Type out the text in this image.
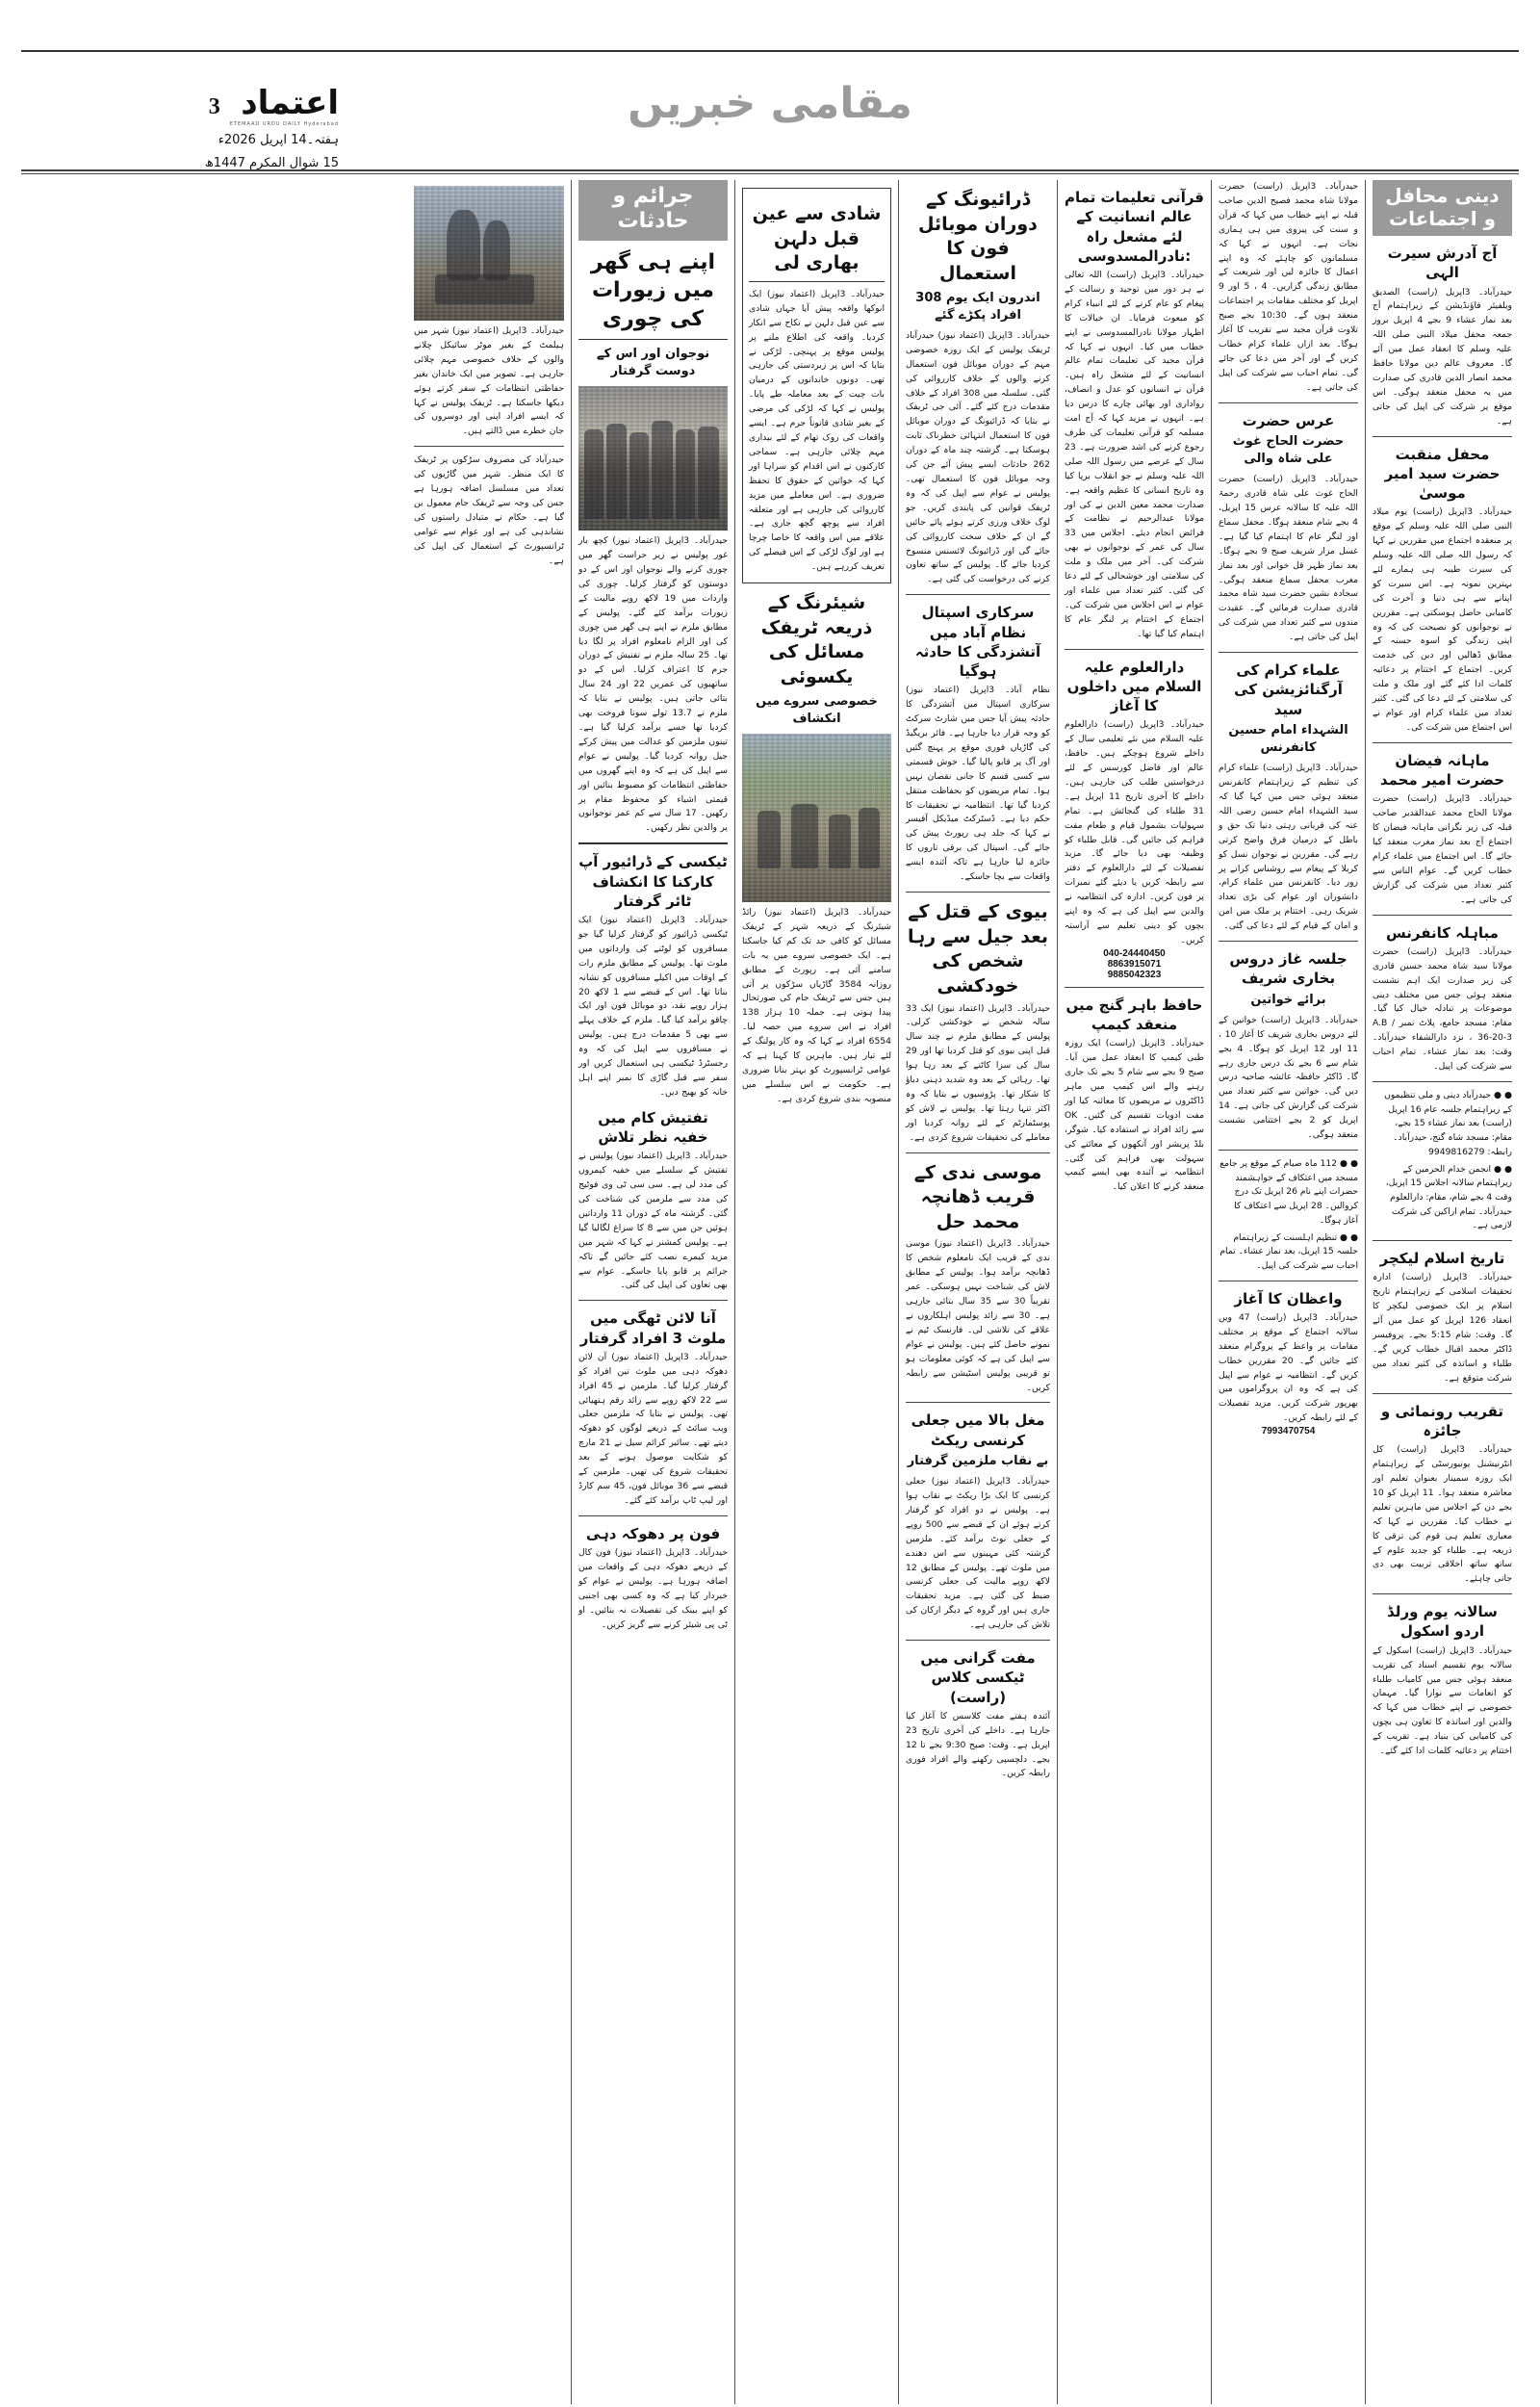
اعتماد
ETEMAAD URDU DAILY Hyderabad
3
ہفتہ۔14 اپریل 2026ء
15 شوال المکرم 1447ھ
مقامی خبریں
دینی محافل و اجتماعات
آج آدرش سیرت الہی
حیدرآباد۔ 3اپریل (راست) الصدیق ویلفیئر فاؤنڈیشن کے زیراہتمام آج بعد نماز عشاء 9 بجے 4 اپریل بروز جمعہ محفل میلاد النبی صلی اللہ علیہ وسلم کا انعقاد عمل میں آئے گا۔ معروف عالم دین مولانا حافظ محمد انصار الدین قادری کی صدارت میں یہ محفل منعقد ہوگی۔ اس موقع پر شرکت کی اپیل کی جاتی ہے۔
محفل منقبت حضرت سید امیر موسیٰ
حیدرآباد۔ 3اپریل (راست) یوم میلاد النبی صلی اللہ علیہ وسلم کے موقع پر منعقدہ اجتماع میں مقررین نے کہا کہ رسول اللہ صلی اللہ علیہ وسلم کی سیرت طیبہ ہی ہمارے لئے بہترین نمونہ ہے۔ اس سیرت کو اپنانے سے ہی دنیا و آخرت کی کامیابی حاصل ہوسکتی ہے۔ مقررین نے نوجوانوں کو نصیحت کی کہ وہ اپنی زندگی کو اسوہ حسنہ کے مطابق ڈھالیں اور دین کی خدمت کریں۔ اجتماع کے اختتام پر دعائیہ کلمات ادا کئے گئے اور ملک و ملت کی سلامتی کے لئے دعا کی گئی۔ کثیر تعداد میں علماء کرام اور عوام نے اس اجتماع میں شرکت کی۔
ماہانہ فیضان حضرت امیر محمد
حیدرآباد۔ 3اپریل (راست) حضرت مولانا الحاج محمد عبدالقدیر صاحب قبلہ کی زیر نگرانی ماہانہ فیضان کا اجتماع آج بعد نماز مغرب منعقد کیا جائے گا۔ اس اجتماع میں علماء کرام خطاب کریں گے۔ عوام الناس سے کثیر تعداد میں شرکت کی گزارش کی جاتی ہے۔
مباہلہ کانفرنس
حیدرآباد۔ 3اپریل (راست) حضرت مولانا سید شاہ محمد حسین قادری کی زیر صدارت ایک اہم نشست منعقد ہوئی جس میں مختلف دینی موضوعات پر تبادلہ خیال کیا گیا۔ مقام: مسجد جامع، پلاٹ نمبر A.B / 36-20-3 ، نزد دارالشفاء حیدرآباد۔ وقت: بعد نماز عشاء۔ تمام احباب سے شرکت کی اپیل۔
● ● حیدرآباد دینی و ملی تنظیموں کے زیراہتمام جلسہ عام 16 اپریل (راست) بعد نماز عشاء 15 بجے، مقام: مسجد شاہ گنج، حیدرآباد۔ رابطہ: 9949816279
● ● انجمن خدام الحرمین کے زیراہتمام سالانہ اجلاس 15 اپریل، وقت 4 بجے شام، مقام: دارالعلوم حیدرآباد۔ تمام اراکین کی شرکت لازمی ہے۔
تاریخ اسلام لیکچر
حیدرآباد۔ 3اپریل (راست) ادارہ تحقیقات اسلامی کے زیراہتمام تاریخ اسلام پر ایک خصوصی لیکچر کا انعقاد 126 اپریل کو عمل میں آئے گا۔ وقت: شام 5:15 بجے۔ پروفیسر ڈاکٹر محمد اقبال خطاب کریں گے۔ طلباء و اساتذہ کی کثیر تعداد میں شرکت متوقع ہے۔
تقریب رونمائی و جائزہ
حیدرآباد۔ 3اپریل (راست) کل انٹرنیشنل یونیورسٹی کے زیراہتمام ایک روزہ سمینار بعنوان تعلیم اور معاشرہ منعقد ہوا۔ 11 اپریل کو 10 بجے دن کے اجلاس میں ماہرین تعلیم نے خطاب کیا۔ مقررین نے کہا کہ معیاری تعلیم ہی قوم کی ترقی کا ذریعہ ہے۔ طلباء کو جدید علوم کے ساتھ ساتھ اخلاقی تربیت بھی دی جانی چاہئے۔
سالانہ یوم ورلڈ اردو اسکول
حیدرآباد۔ 3اپریل (راست) اسکول کے سالانہ یوم تقسیم اسناد کی تقریب منعقد ہوئی جس میں کامیاب طلباء کو انعامات سے نوازا گیا۔ مہمان خصوصی نے اپنے خطاب میں کہا کہ والدین اور اساتذہ کا تعاون ہی بچوں کی کامیابی کی بنیاد ہے۔ تقریب کے اختتام پر دعائیہ کلمات ادا کئے گئے۔
حیدرآباد۔ 3اپریل (راست) حضرت مولانا شاہ محمد فصیح الدین صاحب قبلہ نے اپنے خطاب میں کہا کہ قرآن و سنت کی پیروی میں ہی ہماری نجات ہے۔ انہوں نے کہا کہ مسلمانوں کو چاہئے کہ وہ اپنے اعمال کا جائزہ لیں اور شریعت کے مطابق زندگی گزاریں۔ 4 ، 5 اور 9 اپریل کو مختلف مقامات پر اجتماعات منعقد ہوں گے۔ 10:30 بجے صبح تلاوت قرآن مجید سے تقریب کا آغاز ہوگا۔ بعد ازاں علماء کرام خطاب کریں گے اور آخر میں دعا کی جائے گی۔ تمام احباب سے شرکت کی اپیل کی جاتی ہے۔
عرس حضرت
حضرت الحاج غوث علی شاہ والی
حیدرآباد۔ 3اپریل (راست) حضرت الحاج غوث علی شاہ قادری رحمۃ اللہ علیہ کا سالانہ عرس 15 اپریل، 4 بجے شام منعقد ہوگا۔ محفل سماع اور لنگر عام کا اہتمام کیا گیا ہے۔ غسل مزار شریف صبح 9 بجے ہوگا۔ بعد نماز ظہر قل خوانی اور بعد نماز مغرب محفل سماع منعقد ہوگی۔ سجادہ نشین حضرت سید شاہ محمد قادری صدارت فرمائیں گے۔ عقیدت مندوں سے کثیر تعداد میں شرکت کی اپیل کی جاتی ہے۔
علماء کرام کی آرگنائزیشن کی سید
الشہداء امام حسین کانفرنس
حیدرآباد۔ 3اپریل (راست) علماء کرام کی تنظیم کے زیراہتمام کانفرنس منعقد ہوئی جس میں کہا گیا کہ سید الشہداء امام حسین رضی اللہ عنہ کی قربانی رہتی دنیا تک حق و باطل کے درمیان فرق واضح کرتی رہے گی۔ مقررین نے نوجوان نسل کو کربلا کے پیغام سے روشناس کرانے پر زور دیا۔ کانفرنس میں علماء کرام، دانشوران اور عوام کی بڑی تعداد شریک رہی۔ اختتام پر ملک میں امن و امان کے قیام کے لئے دعا کی گئی۔
جلسہ غاز دروس بخاری شریف
برائے خواتین
حیدرآباد۔ 3اپریل (راست) خواتین کے لئے دروس بخاری شریف کا آغاز 10 ، 11 اور 12 اپریل کو ہوگا۔ 4 بجے شام سے 6 بجے تک درس جاری رہے گا۔ ڈاکٹر حافظہ عائشہ صاحبہ درس دیں گی۔ خواتین سے کثیر تعداد میں شرکت کی گزارش کی جاتی ہے۔ 14 اپریل کو 2 بجے اختتامی نشست منعقد ہوگی۔
● ● 112 ماہ صیام کے موقع پر جامع مسجد میں اعتکاف کے خواہشمند حضرات اپنے نام 26 اپریل تک درج کروالیں۔ 28 اپریل سے اعتکاف کا آغاز ہوگا۔
● ● تنظیم اہلسنت کے زیراہتمام جلسہ 15 اپریل، بعد نماز عشاء۔ تمام احباب سے شرکت کی اپیل۔
واعظان کا آغاز
حیدرآباد۔ 3اپریل (راست) 47 ویں سالانہ اجتماع کے موقع پر مختلف مقامات پر واعظ کے پروگرام منعقد کئے جائیں گے۔ 20 مقررین خطاب کریں گے۔ انتظامیہ نے عوام سے اپیل کی ہے کہ وہ ان پروگراموں میں بھرپور شرکت کریں۔ مزید تفصیلات کے لئے رابطہ کریں۔
7993470754
قرآنی تعلیمات تمام عالم انسانیت کے لئے مشعل راہ :نادرالمسدوسی
حیدرآباد۔ 3اپریل (راست) اللہ تعالی نے ہر دور میں توحید و رسالت کے پیغام کو عام کرنے کے لئے انبیاء کرام کو مبعوث فرمایا۔ ان خیالات کا اظہار مولانا نادرالمسدوسی نے اپنے خطاب میں کیا۔ انہوں نے کہا کہ قرآن مجید کی تعلیمات تمام عالم انسانیت کے لئے مشعل راہ ہیں۔ قرآن نے انسانوں کو عدل و انصاف، رواداری اور بھائی چارے کا درس دیا ہے۔ انہوں نے مزید کہا کہ آج امت مسلمہ کو قرآنی تعلیمات کی طرف رجوع کرنے کی اشد ضرورت ہے۔ 23 سال کے عرصے میں رسول اللہ صلی اللہ علیہ وسلم نے جو انقلاب برپا کیا وہ تاریخ انسانی کا عظیم واقعہ ہے۔ صدارت محمد معین الدین نے کی اور مولانا عبدالرحیم نے نظامت کے فرائض انجام دیئے۔ اجلاس میں 33 سال کی عمر کے نوجوانوں نے بھی شرکت کی۔ آخر میں ملک و ملت کی سلامتی اور خوشحالی کے لئے دعا کی گئی۔ کثیر تعداد میں علماء اور عوام نے اس اجلاس میں شرکت کی۔ اجتماع کے اختتام پر لنگر عام کا اہتمام کیا گیا تھا۔
دارالعلوم علیہ السلام میں داخلوں کا آغاز
حیدرآباد۔ 3اپریل (راست) دارالعلوم علیہ السلام میں نئے تعلیمی سال کے داخلے شروع ہوچکے ہیں۔ حافظ، عالم اور فاضل کورسس کے لئے درخواستیں طلب کی جارہی ہیں۔ داخلے کا آخری تاریخ 11 اپریل ہے۔ 31 طلباء کی گنجائش ہے۔ تمام سہولیات بشمول قیام و طعام مفت فراہم کی جائیں گی۔ قابل طلباء کو وظیفہ بھی دیا جائے گا۔ مزید تفصیلات کے لئے دارالعلوم کے دفتر سے رابطہ کریں یا دیئے گئے نمبرات پر فون کریں۔ ادارہ کی انتظامیہ نے والدین سے اپیل کی ہے کہ وہ اپنے بچوں کو دینی تعلیم سے آراستہ کریں۔
040-24440450
8863915071
9885042323
حافظ باہر گنج میں منعقد کیمپ
حیدرآباد۔ 3اپریل (راست) ایک روزہ طبی کیمپ کا انعقاد عمل میں آیا۔ صبح 9 بجے سے شام 5 بجے تک جاری رہنے والے اس کیمپ میں ماہر ڈاکٹروں نے مریضوں کا معائنہ کیا اور مفت ادویات تقسیم کی گئیں۔ OK سے زائد افراد نے استفادہ کیا۔ شوگر، بلڈ پریشر اور آنکھوں کے معائنے کی سہولت بھی فراہم کی گئی۔ انتظامیہ نے آئندہ بھی ایسے کیمپ منعقد کرنے کا اعلان کیا۔
ڈرائیونگ کے دوران موبائل فون کا استعمال
اندرون ایک یوم 308 افراد پکڑے گئے
حیدرآباد۔ 3اپریل (اعتماد نیوز) حیدرآباد ٹریفک پولیس کے ایک روزہ خصوصی مہم کے دوران موبائل فون استعمال کرنے والوں کے خلاف کارروائی کی گئی۔ سلسلہ میں 308 افراد کے خلاف مقدمات درج کئے گئے۔ آئی جی ٹریفک نے بتایا کہ ڈرائیونگ کے دوران موبائل فون کا استعمال انتہائی خطرناک ثابت ہوسکتا ہے۔ گزشتہ چند ماہ کے دوران 262 حادثات ایسے پیش آئے جن کی وجہ موبائل فون کا استعمال تھی۔ پولیس نے عوام سے اپیل کی کہ وہ ٹریفک قوانین کی پابندی کریں۔ جو لوگ خلاف ورزی کرتے ہوئے پائے جائیں گے ان کے خلاف سخت کارروائی کی جائے گی اور ڈرائیونگ لائسنس منسوخ کردیا جائے گا۔ پولیس کے ساتھ تعاون کرنے کی درخواست کی گئی ہے۔
سرکاری اسپتال نظام آباد میں آتشزدگی کا حادثہ ہوگیا
نظام آباد۔ 3اپریل (اعتماد نیوز) سرکاری اسپتال میں آتشزدگی کا حادثہ پیش آیا جس میں شارٹ سرکٹ کو وجہ قرار دیا جارہا ہے۔ فائر بریگیڈ کی گاڑیاں فوری موقع پر پہنچ گئیں اور آگ پر قابو پالیا گیا۔ خوش قسمتی سے کسی قسم کا جانی نقصان نہیں ہوا۔ تمام مریضوں کو بحفاظت منتقل کردیا گیا تھا۔ انتظامیہ نے تحقیقات کا حکم دیا ہے۔ ڈسٹرکٹ میڈیکل آفیسر نے کہا کہ جلد ہی رپورٹ پیش کی جائے گی۔ اسپتال کی برقی تاروں کا جائزہ لیا جارہا ہے تاکہ آئندہ ایسے واقعات سے بچا جاسکے۔
بیوی کے قتل کے بعد جیل سے رہا شخص کی خودکشی
حیدرآباد۔ 3اپریل (اعتماد نیوز) ایک 33 سالہ شخص نے خودکشی کرلی۔ پولیس کے مطابق ملزم نے چند سال قبل اپنی بیوی کو قتل کردیا تھا اور 29 سال کی سزا کاٹنے کے بعد رہا ہوا تھا۔ رہائی کے بعد وہ شدید ذہنی دباؤ کا شکار تھا۔ پڑوسیوں نے بتایا کہ وہ اکثر تنہا رہتا تھا۔ پولیس نے لاش کو پوسٹمارٹم کے لئے روانہ کردیا اور معاملے کی تحقیقات شروع کردی ہے۔
موسی ندی کے قریب ڈھانچہ محمد حل
حیدرآباد۔ 3اپریل (اعتماد نیوز) موسی ندی کے قریب ایک نامعلوم شخص کا ڈھانچہ برآمد ہوا۔ پولیس کے مطابق لاش کی شناخت نہیں ہوسکی۔ عمر تقریباً 30 سے 35 سال بتائی جارہی ہے۔ 30 سے زائد پولیس اہلکاروں نے علاقے کی تلاشی لی۔ فارنسک ٹیم نے نمونے حاصل کئے ہیں۔ پولیس نے عوام سے اپیل کی ہے کہ کوئی معلومات ہو تو قریبی پولیس اسٹیشن سے رابطہ کریں۔
مغل بالا میں جعلی کرنسی ریکٹ
بے نقاب ملزمین گرفتار
حیدرآباد۔ 3اپریل (اعتماد نیوز) جعلی کرنسی کا ایک بڑا ریکٹ بے نقاب ہوا ہے۔ پولیس نے دو افراد کو گرفتار کرتے ہوئے ان کے قبضے سے 500 روپے کے جعلی نوٹ برآمد کئے۔ ملزمین گزشتہ کئی مہینوں سے اس دھندے میں ملوث تھے۔ پولیس کے مطابق 12 لاکھ روپے مالیت کی جعلی کرنسی ضبط کی گئی ہے۔ مزید تحقیقات جاری ہیں اور گروہ کے دیگر ارکان کی تلاش کی جارہی ہے۔
مفت گرانی میں ٹیکسی کلاس (راست)
آئندہ ہفتے مفت کلاسس کا آغاز کیا جارہا ہے۔ داخلے کی آخری تاریخ 23 اپریل ہے۔ وقت: صبح 9:30 بجے تا 12 بجے۔ دلچسپی رکھنے والے افراد فوری رابطہ کریں۔
شادی سے عین قبل دلہن بھاری لی
حیدرآباد۔ 3اپریل (اعتماد نیوز) ایک انوکھا واقعہ پیش آیا جہاں شادی سے عین قبل دلہن نے نکاح سے انکار کردیا۔ واقعہ کی اطلاع ملنے پر پولیس موقع پر پہنچی۔ لڑکی نے بتایا کہ اس پر زبردستی کی جارہی تھی۔ دونوں خاندانوں کے درمیان بات چیت کے بعد معاملہ طے پایا۔ پولیس نے کہا کہ لڑکی کی مرضی کے بغیر شادی قانوناً جرم ہے۔ ایسے واقعات کی روک تھام کے لئے بیداری مہم چلائی جارہی ہے۔ سماجی کارکنوں نے اس اقدام کو سراہا اور کہا کہ خواتین کے حقوق کا تحفظ ضروری ہے۔ اس معاملے میں مزید کارروائی کی جارہی ہے اور متعلقہ افراد سے پوچھ گچھ جاری ہے۔ علاقے میں اس واقعہ کا خاصا چرچا ہے اور لوگ لڑکی کے اس فیصلے کی تعریف کررہے ہیں۔
شیئرنگ کے ذریعہ ٹریفک مسائل کی یکسوئی
خصوصی سروے میں انکشاف
حیدرآباد۔ 3اپریل (اعتماد نیوز) رائڈ شیئرنگ کے ذریعہ شہر کے ٹریفک مسائل کو کافی حد تک کم کیا جاسکتا ہے۔ ایک خصوصی سروے میں یہ بات سامنے آئی ہے۔ رپورٹ کے مطابق روزانہ 3584 گاڑیاں سڑکوں پر آتی ہیں جس سے ٹریفک جام کی صورتحال پیدا ہوتی ہے۔ جملہ 10 ہزار 138 افراد نے اس سروے میں حصہ لیا۔ 6554 افراد نے کہا کہ وہ کار پولنگ کے لئے تیار ہیں۔ ماہرین کا کہنا ہے کہ عوامی ٹرانسپورٹ کو بہتر بنانا ضروری ہے۔ حکومت نے اس سلسلے میں منصوبہ بندی شروع کردی ہے۔
جرائم و حادثات
اپنے ہی گھر میں زیورات کی چوری
نوجوان اور اس کے دوست گرفتار
حیدرآباد۔ 3اپریل (اعتماد نیوز) کچھ بار غور پولیس نے زیر حراست گھر میں چوری کرنے والے نوجوان اور اس کے دو دوستوں کو گرفتار کرلیا۔ چوری کی واردات میں 19 لاکھ روپے مالیت کے زیورات برآمد کئے گئے۔ پولیس کے مطابق ملزم نے اپنے ہی گھر میں چوری کی اور الزام نامعلوم افراد پر لگا دیا تھا۔ 25 سالہ ملزم نے تفتیش کے دوران جرم کا اعتراف کرلیا۔ اس کے دو ساتھیوں کی عمریں 22 اور 24 سال بتائی جاتی ہیں۔ پولیس نے بتایا کہ ملزم نے 13.7 تولے سونا فروخت بھی کردیا تھا جسے برآمد کرلیا گیا ہے۔ تینوں ملزمین کو عدالت میں پیش کرکے جیل روانہ کردیا گیا۔ پولیس نے عوام سے اپیل کی ہے کہ وہ اپنے گھروں میں حفاظتی انتظامات کو مضبوط بنائیں اور قیمتی اشیاء کو محفوظ مقام پر رکھیں۔ 17 سال سے کم عمر نوجوانوں پر والدین نظر رکھیں۔
ٹیکسی کے ڈرائیور آپ کارکنا کا انکشاف ٹائر گرفتار
حیدرآباد۔ 3اپریل (اعتماد نیوز) ایک ٹیکسی ڈرائیور کو گرفتار کرلیا گیا جو مسافروں کو لوٹنے کی وارداتوں میں ملوث تھا۔ پولیس کے مطابق ملزم رات کے اوقات میں اکیلے مسافروں کو نشانہ بناتا تھا۔ اس کے قبضے سے 1 لاکھ 20 ہزار روپے نقد، دو موبائل فون اور ایک چاقو برآمد کیا گیا۔ ملزم کے خلاف پہلے سے بھی 5 مقدمات درج ہیں۔ پولیس نے مسافروں سے اپیل کی کہ وہ رجسٹرڈ ٹیکسی ہی استعمال کریں اور سفر سے قبل گاڑی کا نمبر اپنے اہل خانہ کو بھیج دیں۔
تفتیش کام میں خفیہ نظر تلاش
حیدرآباد۔ 3اپریل (اعتماد نیوز) پولیس نے تفتیش کے سلسلے میں خفیہ کیمروں کی مدد لی ہے۔ سی سی ٹی وی فوٹیج کی مدد سے ملزمین کی شناخت کی گئی۔ گزشتہ ماہ کے دوران 11 وارداتیں ہوئیں جن میں سے 8 کا سراغ لگالیا گیا ہے۔ پولیس کمشنر نے کہا کہ شہر میں مزید کیمرے نصب کئے جائیں گے تاکہ جرائم پر قابو پایا جاسکے۔ عوام سے بھی تعاون کی اپیل کی گئی۔
آنا لائن ٹھگی میں ملوث 3 افراد گرفتار
حیدرآباد۔ 3اپریل (اعتماد نیوز) آن لائن دھوکہ دہی میں ملوث تین افراد کو گرفتار کرلیا گیا۔ ملزمین نے 45 افراد سے 22 لاکھ روپے سے زائد رقم ہتھیائی تھی۔ پولیس نے بتایا کہ ملزمین جعلی ویب سائٹ کے ذریعے لوگوں کو دھوکہ دیتے تھے۔ سائبر کرائم سیل نے 21 مارچ کو شکایت موصول ہونے کے بعد تحقیقات شروع کی تھیں۔ ملزمین کے قبضے سے 36 موبائل فون، 45 سم کارڈ اور لیپ ٹاپ برآمد کئے گئے۔
فون پر دھوکہ دہی
حیدرآباد۔ 3اپریل (اعتماد نیوز) فون کال کے ذریعے دھوکہ دہی کے واقعات میں اضافہ ہورہا ہے۔ پولیس نے عوام کو خبردار کیا ہے کہ وہ کسی بھی اجنبی کو اپنے بینک کی تفصیلات نہ بتائیں۔ او ٹی پی شیئر کرنے سے گریز کریں۔
حیدرآباد۔ 3اپریل (اعتماد نیوز) شہر میں ہیلمٹ کے بغیر موٹر سائیکل چلانے والوں کے خلاف خصوصی مہم چلائی جارہی ہے۔ تصویر میں ایک خاندان بغیر حفاظتی انتظامات کے سفر کرتے ہوئے دیکھا جاسکتا ہے۔ ٹریفک پولیس نے کہا کہ ایسے افراد اپنی اور دوسروں کی جان خطرے میں ڈالتے ہیں۔
حیدرآباد کی مصروف سڑکوں پر ٹریفک کا ایک منظر۔ شہر میں گاڑیوں کی تعداد میں مسلسل اضافہ ہورہا ہے جس کی وجہ سے ٹریفک جام معمول بن گیا ہے۔ حکام نے متبادل راستوں کی نشاندہی کی ہے اور عوام سے عوامی ٹرانسپورٹ کے استعمال کی اپیل کی ہے۔
